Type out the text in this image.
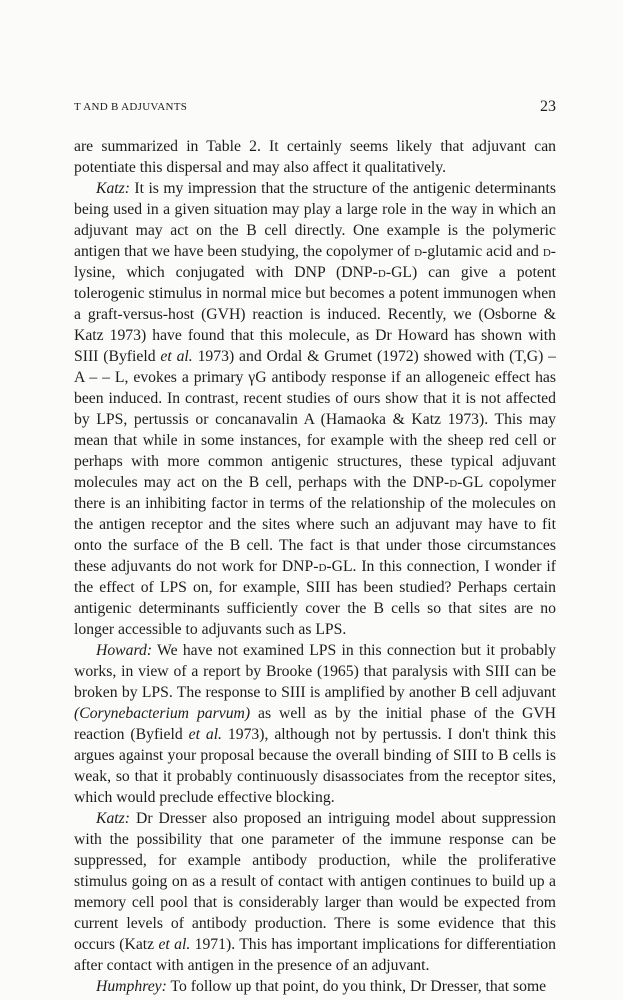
T AND B ADJUVANTS	23

are summarized in Table 2. It certainly seems likely that adjuvant can potentiate this dispersal and may also affect it qualitatively.

Katz: It is my impression that the structure of the antigenic determinants being used in a given situation may play a large role in the way in which an adjuvant may act on the B cell directly. One example is the polymeric antigen that we have been studying, the copolymer of d-glutamic acid and d-lysine, which conjugated with DNP (DNP-d-GL) can give a potent tolerogenic stimulus in normal mice but becomes a potent immunogen when a graft-versus-host (GVH) reaction is induced. Recently, we (Osborne & Katz 1973) have found that this molecule, as Dr Howard has shown with SIII (Byfield et al. 1973) and Ordal & Grumet (1972) showed with (T,G) – A – – L, evokes a primary γG antibody response if an allogeneic effect has been induced. In contrast, recent studies of ours show that it is not affected by LPS, pertussis or concanavalin A (Hamaoka & Katz 1973). This may mean that while in some instances, for example with the sheep red cell or perhaps with more common antigenic structures, these typical adjuvant molecules may act on the B cell, perhaps with the DNP-d-GL copolymer there is an inhibiting factor in terms of the relationship of the molecules on the antigen receptor and the sites where such an adjuvant may have to fit onto the surface of the B cell. The fact is that under those circumstances these adjuvants do not work for DNP-d-GL. In this connection, I wonder if the effect of LPS on, for example, SIII has been studied? Perhaps certain antigenic determinants sufficiently cover the B cells so that sites are no longer accessible to adjuvants such as LPS.

Howard: We have not examined LPS in this connection but it probably works, in view of a report by Brooke (1965) that paralysis with SIII can be broken by LPS. The response to SIII is amplified by another B cell adjuvant (Corynebacterium parvum) as well as by the initial phase of the GVH reaction (Byfield et al. 1973), although not by pertussis. I don't think this argues against your proposal because the overall binding of SIII to B cells is weak, so that it probably continuously disassociates from the receptor sites, which would preclude effective blocking.

Katz: Dr Dresser also proposed an intriguing model about suppression with the possibility that one parameter of the immune response can be suppressed, for example antibody production, while the proliferative stimulus going on as a result of contact with antigen continues to build up a memory cell pool that is considerably larger than would be expected from current levels of antibody production. There is some evidence that this occurs (Katz et al. 1971). This has important implications for differentiation after contact with antigen in the presence of an adjuvant.

Humphrey: To follow up that point, do you think, Dr Dresser, that some
